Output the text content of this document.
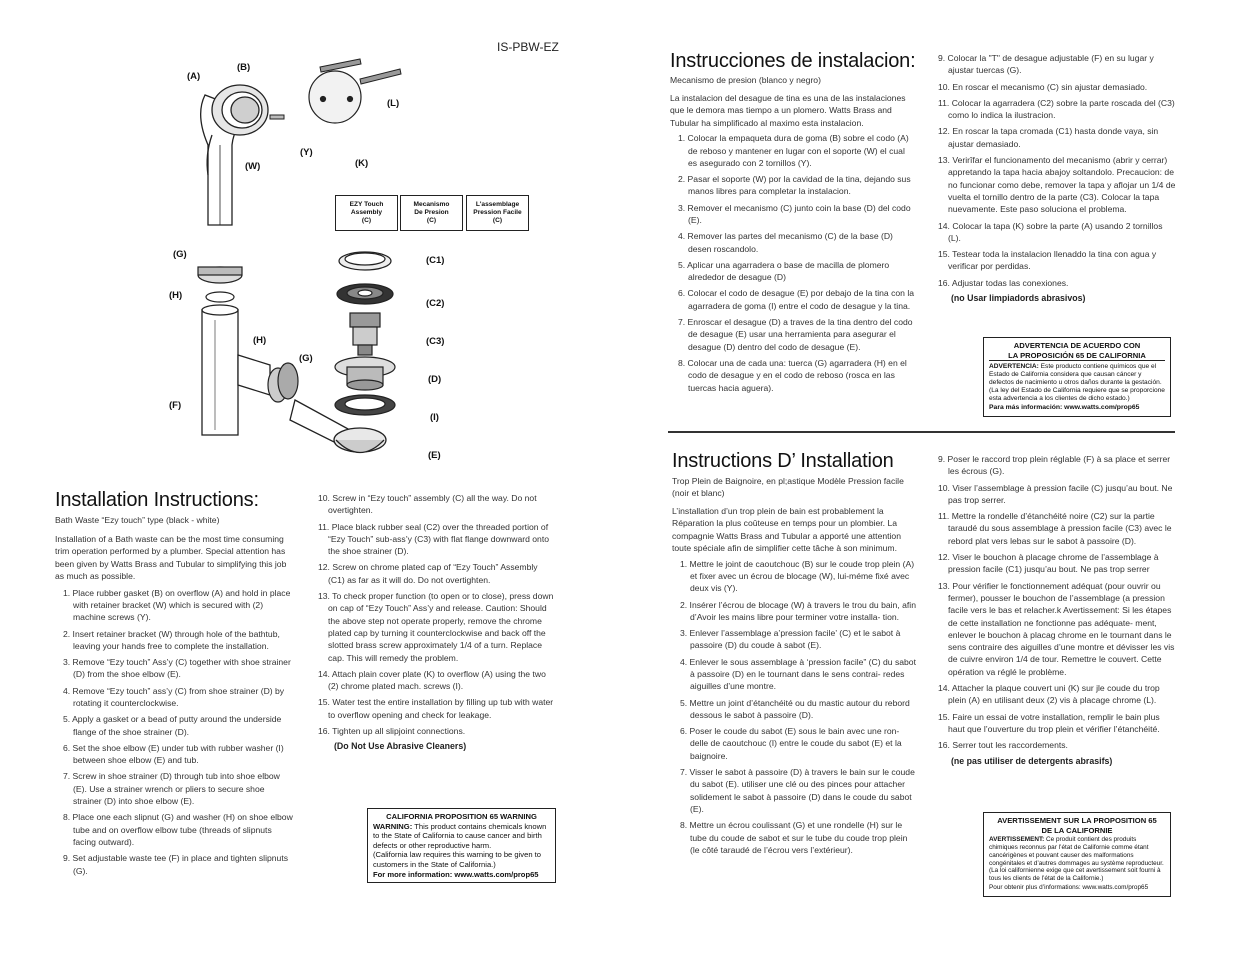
IS-PBW-EZ
(A)
(B)
(L)
(W)
(Y)
(K)
(G)
(H)
(H)
(G)
(F)
(C1)
(C2)
(C3)
(D)
(I)
(E)
EZY Touch
Assembly
(C)
Mecanismo
De Presion
(C)
L'assemblage
Pression Facile
(C)
Installation Instructions:
Bath Waste “Ezy touch” type (black - white)
Installation of a Bath waste can be the most time consuming trim operation performed by a plumber. Special attention has been given by Watts Brass and Tubular to simplifying this job as much as possible.
1. Place rubber gasket (B) on overflow (A) and hold in place with retainer bracket (W) which is secured with (2) machine screws (Y).
2. Insert retainer bracket (W) through hole of the bathtub, leaving your hands free to complete the installation.
3. Remove “Ezy touch” Ass’y (C) together with shoe strainer (D) from the shoe elbow (E).
4. Remove “Ezy touch” ass’y (C) from shoe strainer (D) by rotating it counterclockwise.
5. Apply a gasket or a bead of putty around the underside flange of the shoe strainer (D).
6. Set the shoe elbow (E) under tub with rubber washer (I) between shoe elbow (E) and tub.
7. Screw in shoe strainer (D) through tub into shoe elbow (E). Use a strainer wrench or pliers to secure shoe strainer (D) into shoe elbow (E).
8. Place one each slipnut (G) and washer (H) on shoe elbow tube and on overflow elbow tube (threads of slipnuts facing outward).
9. Set adjustable waste tee (F) in place and tighten slipnuts (G).
10. Screw in “Ezy touch” assembly (C) all the way. Do not overtighten.
11. Place black rubber seal (C2) over the threaded portion of “Ezy Touch” sub-ass’y (C3) with flat flange downward onto the shoe strainer (D).
12. Screw on chrome plated cap of “Ezy Touch” Assembly (C1) as far as it will do. Do not overtighten.
13. To check proper function (to open or to close), press down on cap of “Ezy Touch” Ass’y and release. Caution: Should the above step not operate properly, remove the chrome plated cap by turning it counterclockwise and back off the slotted brass screw approximately 1/4 of a turn. Replace cap. This will remedy the problem.
14. Attach plain cover plate (K) to overflow (A) using the two (2) chrome plated mach. screws (I).
15. Water test the entire installation by filling up tub with water to overflow opening and check for leakage.
16. Tighten up all slipjoint connections.
(Do Not Use Abrasive Cleaners)
CALIFORNIA PROPOSITION 65 WARNING
WARNING: This product contains chemicals known to the State of California to cause cancer and birth defects or other reproductive harm.
(California law requires this warning to be given to customers in the State of California.)
For more information: www.watts.com/prop65
Instrucciones de instalacion:
Mecanismo de presion (blanco y negro)
La instalacion del desague de tina es una de las instalaciones que le demora mas tiempo a un plomero. Watts Brass and Tubular ha simplificado al maximo esta instalacion.
1. Colocar la empaqueta dura de goma (B) sobre el codo (A) de reboso y mantener en lugar con el soporte (W) el cual es asegurado con 2 tornillos (Y).
2. Pasar el soporte (W) por la cavidad de la tina, dejando sus manos libres para completar la instalacion.
3. Remover el mecanismo (C) junto coin la base (D) del codo (E).
4. Remover las partes del mecanismo (C) de la base (D) desen roscandolo.
5. Aplicar una agarradera o base de macilla de plomero alrededor de desague (D)
6. Colocar el codo de desague (E) por debajo de la tina con la agarradera de goma (I) entre el codo de desague y la tina.
7. Enroscar el desague (D) a traves de la tina dentro del codo de desague (E) usar una herramienta para asegurar el desague (D) dentro del codo de desague (E).
8. Colocar una de cada una: tuerca (G) agarradera (H) en el codo de desague y en el codo de reboso (rosca en las tuercas hacia aguera).
9. Colocar la "T" de desague adjustable (F) en su lugar y ajustar tuercas (G).
10. En roscar el mecanismo (C) sin ajustar demasiado.
11. Colocar la agarradera (C2) sobre la parte roscada del (C3) como lo indica la ilustracion.
12. En roscar la tapa cromada (C1) hasta donde vaya, sin ajustar demasiado.
13. Verirîfar el funcionamento del mecanismo (abrir y cerrar) appretando la tapa hacia abajoy soltandolo. Precaucion: de no funcionar como debe, remover la tapa y aflojar un 1/4 de vuelta el tornillo dentro de la parte (C3). Colocar la tapa nuevamente. Este paso soluciona el problema.
14. Colocar la tapa (K) sobre la parte (A) usando 2 tornillos (L).
15. Testear toda la instalacion llenaddo la tina con agua y verificar por perdidas.
16. Adjustar todas las conexiones.
(no Usar limpiadords abrasivos)
ADVERTENCIA DE ACUERDO CON
LA PROPOSICIÓN 65 DE CALIFORNIA
ADVERTENCIA: Este producto contiene químicos que el Estado de California considera que causan cáncer y defectos de nacimiento u otros daños durante la gestación.
(La ley del Estado de California requiere que se proporcione esta advertencia a los clientes de dicho estado.)
Para más información: www.watts.com/prop65
Instructions D’ Installation
Trop Plein de Baignoire, en pl;astique Modèle Pression facile (noir et blanc)
L’installation d’un trop plein de bain est probablement la Réparation la plus coûteuse en temps pour un plombier. La compagnie Watts Brass and Tubular a apporté une attention toute spéciale afin de simplifier cette tâche à son minimum.
1. Mettre le joint de caoutchouc (B) sur le coude trop plein (A) et fixer avec un écrou de blocage (W), lui-méme fixé avec deux vis (Y).
2. Insérer l’écrou de blocage (W) à travers le trou du bain, afin d’Avoir les mains libre pour terminer votre installa- tion.
3. Enlever l’assemblage a’pression facile’ (C) et le sabot à passoire (D) du coude à sabot (E).
4. Enlever le sous assemblage à ‘pression facile” (C) du sabot à passoire (D) en le tournant dans le sens contrai- redes aiguilles d’une montre.
5. Mettre un joint d’étanchéité ou du mastic autour du rebord dessous le sabot à passoire (D).
6. Poser le coude du sabot (E) sous le bain avec une ron- delle de caoutchouc (I) entre le coude du sabot (E) et la baignoire.
7. Visser le sabot à passoire (D) à travers le bain sur le coude du sabot (E). utiliser une clé ou des pinces pour attacher solidement le sabot à passoire (D) dans le coude du sabot (E).
8. Mettre un écrou coulissant (G) et une rondelle (H) sur le tube du coude de sabot et sur le tube du coude trop plein (le côté taraudé de l’écrou vers l’extérieur).
9. Poser le raccord trop plein réglable (F) à sa place et serrer les écrous (G).
10. Viser l’assemblage à pression facile (C) jusqu’au bout. Ne pas trop serrer.
11. Mettre la rondelle d’étanchéité noire (C2) sur la partie taraudé du sous assemblage à pression facile (C3) avec le rebord plat vers lebas sur le sabot à passoire (D).
12. Viser le bouchon à placage chrome de l’assemblage à pression facile (C1) jusqu’au bout. Ne pas trop serrer
13. Pour vérifier le fonctionnement adéquat (pour ouvrir ou fermer), pousser le bouchon de l’assemblage (a pression facile vers le bas et relacher.k Avertissement: Si les étapes de cette installation ne fonctionne pas adéquate- ment, enlever le bouchon à placag chrome en le tournant dans le sens contraire des aiguilles d’une montre et dévisser les vis de cuivre environ 1/4 de tour. Remettre le couvert. Cette opération va réglé le problème.
14. Attacher la plaque couvert uni (K) sur jle coude du trop plein (A) en utilisant deux (2) vis à placage chrome (L).
15. Faire un essai de votre installation, remplir le bain plus haut que l’ouverture du trop plein et vérifier l’étanchéité.
16. Serrer tout les raccordements.
(ne pas utiliser de detergents abrasifs)
AVERTISSEMENT SUR LA PROPOSITION 65
DE LA CALIFORNIE
AVERTISSEMENT: Ce produit contient des produits chimiques reconnus par l’état de Californie comme étant cancérigènes et pouvant causer des malformations congénitales et d’autres dommages au système reproducteur.
(La loi californienne exige que cet avertissement soit fourni à tous les clients de l’état de la Californie.)
Pour obtenir plus d’informations: www.watts.com/prop65
